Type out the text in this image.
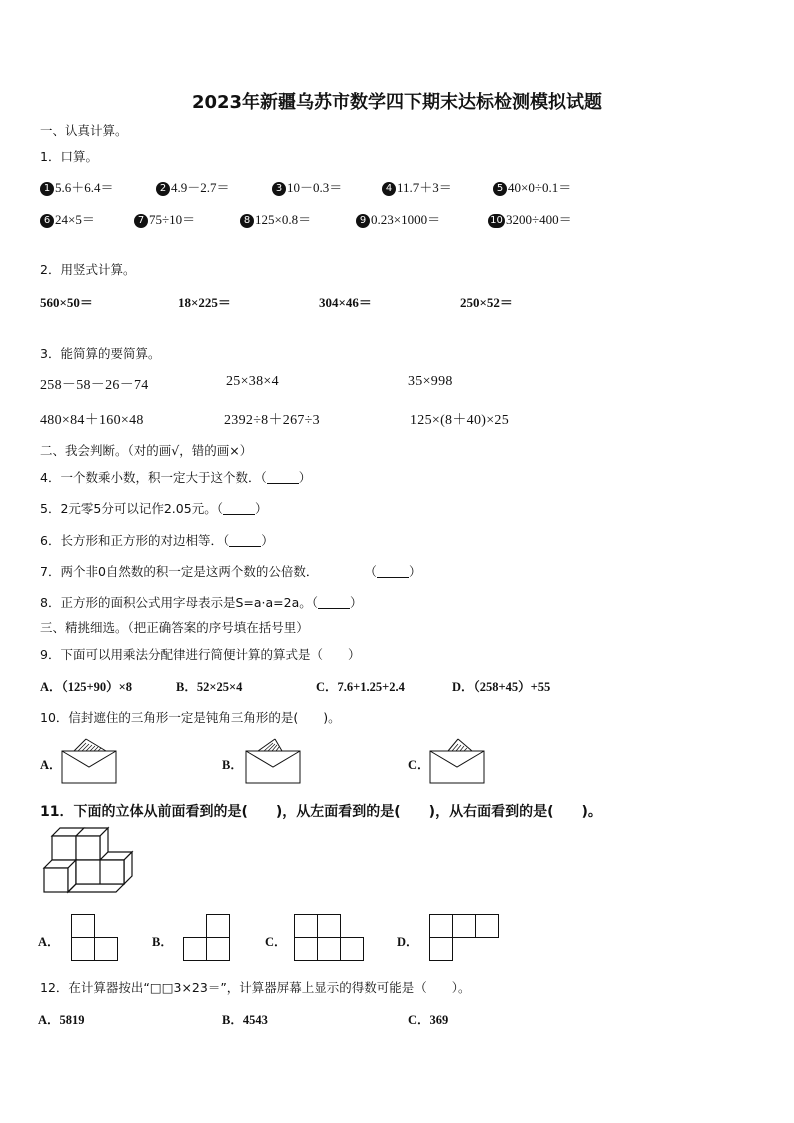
2023年新疆乌苏市数学四下期末达标检测模拟试题
一、认真计算。
1．口算。
1 5.6＋6.4＝	2 4.9－2.7＝	3 10－0.3＝	4 11.7＋3＝	5 40×0÷0.1＝
6 24×5＝	7 75÷10＝	8 125×0.8＝	9 0.23×1000＝	10 3200÷400＝
2．用竖式计算。
560×50＝	18×225＝	304×46＝	250×52＝
3．能简算的要简算。
258－58－26－74	25×38×4	35×998
480×84＋160×48	2392÷8＋267÷3	125×(8＋40)×25
二、我会判断。（对的画√，错的画×）
4．一个数乘小数，积一定大于这个数．（	）
5．2元零5分可以记作2.05元。（	）
6．长方形和正方形的对边相等．（	）
7．两个非0自然数的积一定是这两个数的公倍数．	（	）
8．正方形的面积公式用字母表示是S=a·a=2a。（	）
三、精挑细选。（把正确答案的序号填在括号里）
9．下面可以用乘法分配律进行简便计算的算式是（　　）
A．（125+90）×8	B．52×25×4	C．7.6+1.25+2.4	D．（258+45）+55
10．信封遮住的三角形一定是钝角三角形的是(　　)。
A．	B．	C．
11．下面的立体从前面看到的是(　　)，从左面看到的是(　　)，从右面看到的是(　　)。
A．	B．	C．	D．
12．在计算器按出“□□3×23＝”，计算器屏幕上显示的得数可能是（　　）。
A．5819	B．4543	C．369
